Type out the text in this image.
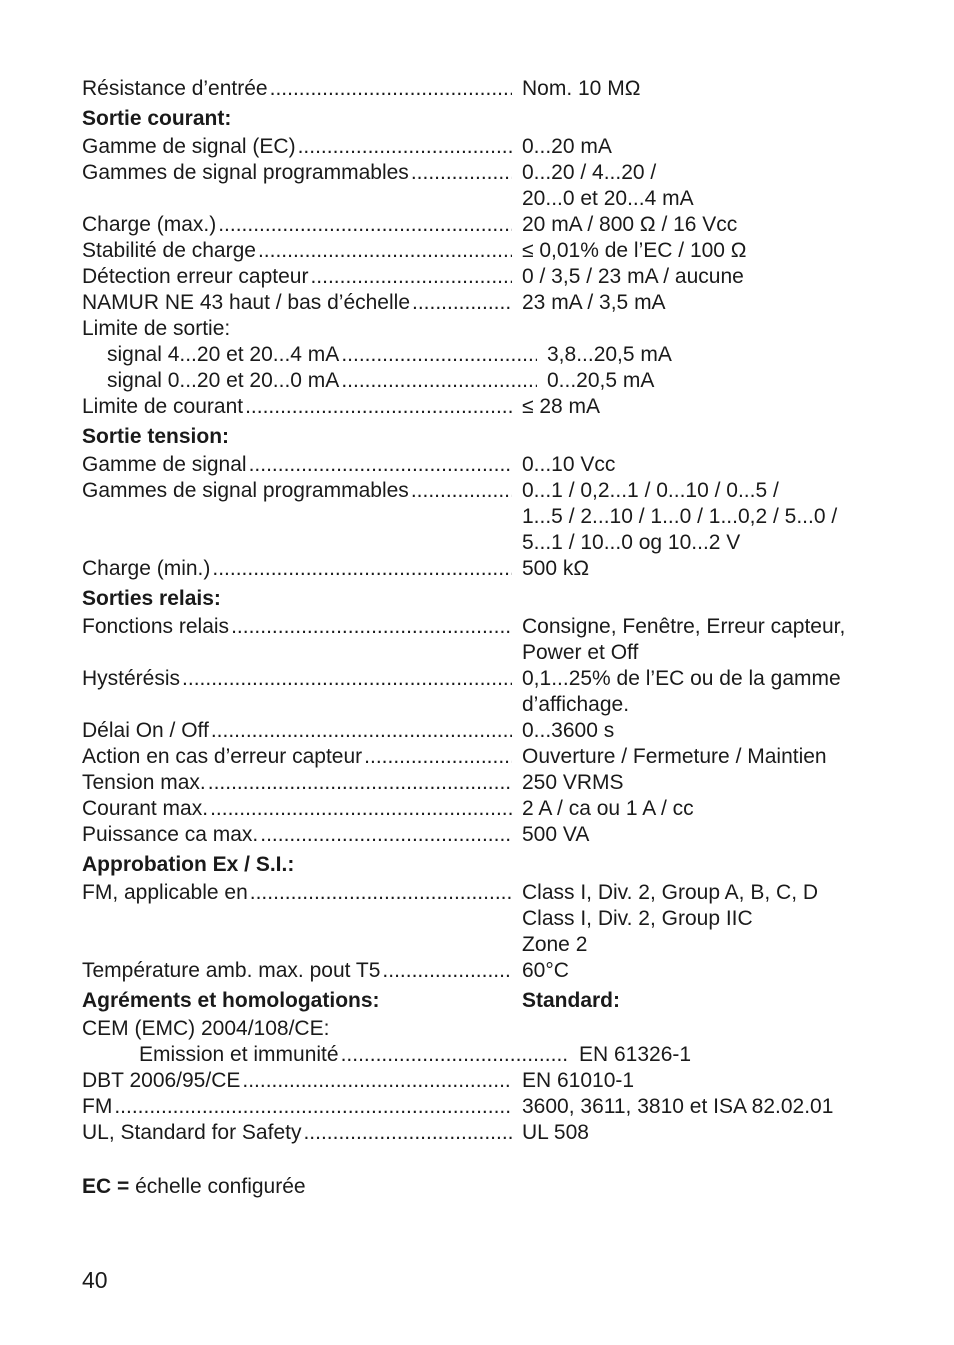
Résistance d’entrée .....	Nom. 10 MΩ
Sortie courant:
Gamme de signal (EC) .....	0...20 mA
Gammes de signal programmables .....	0...20 / 4...20 /
20...0 et 20...4 mA
Charge (max.) .....	20 mA / 800 Ω / 16 Vcc
Stabilité de charge .....	≤ 0,01% de l’EC / 100 Ω
Détection erreur capteur .....	0 / 3,5 / 23 mA / aucune
NAMUR NE 43 haut / bas d’échelle .....	23 mA / 3,5 mA
Limite de sortie:
signal 4...20 et 20...4 mA .....	3,8...20,5 mA
signal 0...20 et 20...0 mA .....	0...20,5 mA
Limite de courant .....	≤ 28 mA
Sortie tension:
Gamme de signal .....	0...10 Vcc
Gammes de signal programmables .....	0...1 / 0,2...1 / 0...10 / 0...5 /
1...5 / 2...10 / 1...0 / 1...0,2 / 5...0 /
5...1 / 10...0 og 10...2 V
Charge (min.) .....	500 kΩ
Sorties relais:
Fonctions relais .....	Consigne, Fenêtre, Erreur capteur,
Power et Off
Hystérésis .....	0,1...25% de l’EC ou de la gamme
d’affichage.
Délai On / Off .....	0...3600 s
Action en cas d’erreur capteur .....	Ouverture / Fermeture / Maintien
Tension max. .....	250 VRMS
Courant max. .....	2 A / ca ou 1 A / cc
Puissance ca max. .....	500 VA
Approbation Ex / S.I.:
FM, applicable en .....	Class I, Div. 2, Group A, B, C, D
Class I, Div. 2, Group IIC
Zone 2
Température amb. max. pout T5 .....	60°C
Agréments et homologations:	Standard:
CEM (EMC) 2004/108/CE:
Emission et immunité .....	EN 61326-1
DBT 2006/95/CE .....	EN 61010-1
FM .....	3600, 3611, 3810 et ISA 82.02.01
UL, Standard for Safety .....	UL 508
EC = échelle configurée
40
